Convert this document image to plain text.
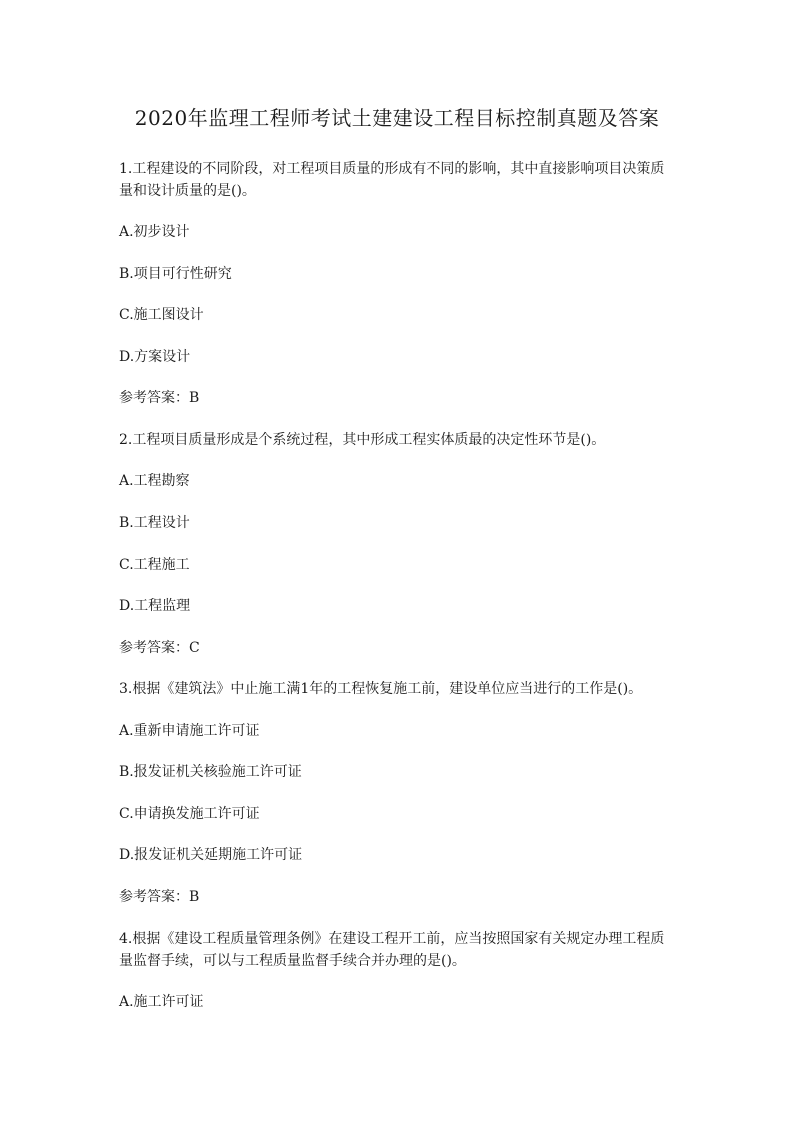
2020年监理工程师考试土建建设工程目标控制真题及答案
1.工程建设的不同阶段，对工程项目质量的形成有不同的影响，其中直接影响项目决策质
量和设计质量的是()。
A.初步设计
B.项目可行性研究
C.施工图设计
D.方案设计
参考答案：B
2.工程项目质量形成是个系统过程，其中形成工程实体质最的决定性环节是()。
A.工程勘察
B.工程设计
C.工程施工
D.工程监理
参考答案：C
3.根据《建筑法》中止施工满1年的工程恢复施工前，建设单位应当进行的工作是()。
A.重新申请施工许可证
B.报发证机关核验施工许可证
C.申请换发施工许可证
D.报发证机关延期施工许可证
参考答案：B
4.根据《建设工程质量管理条例》在建设工程开工前，应当按照国家有关规定办理工程质
量监督手续，可以与工程质量监督手续合并办理的是()。
A.施工许可证
